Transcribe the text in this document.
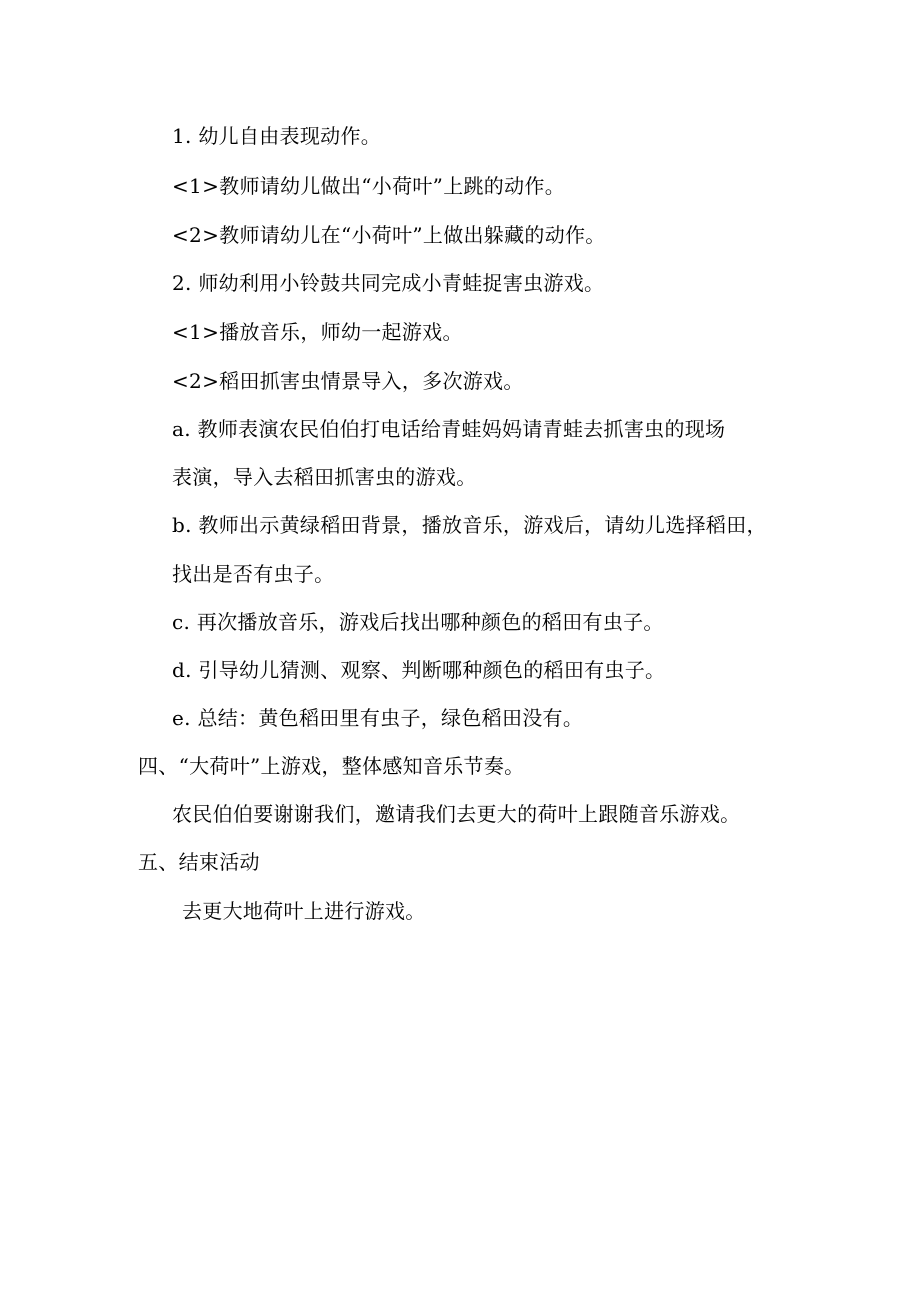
1. 幼儿自由表现动作。
<1>教师请幼儿做出“小荷叶”上跳的动作。
<2>教师请幼儿在“小荷叶”上做出躲藏的动作。
2. 师幼利用小铃鼓共同完成小青蛙捉害虫游戏。
<1>播放音乐，师幼一起游戏。
<2>稻田抓害虫情景导入，多次游戏。
a. 教师表演农民伯伯打电话给青蛙妈妈请青蛙去抓害虫的现场
表演，导入去稻田抓害虫的游戏。
b. 教师出示黄绿稻田背景，播放音乐，游戏后，请幼儿选择稻田，
找出是否有虫子。
c. 再次播放音乐，游戏后找出哪种颜色的稻田有虫子。
d. 引导幼儿猜测、观察、判断哪种颜色的稻田有虫子。
e. 总结：黄色稻田里有虫子，绿色稻田没有。
四、“大荷叶”上游戏，整体感知音乐节奏。
农民伯伯要谢谢我们，邀请我们去更大的荷叶上跟随音乐游戏。
五、结束活动
去更大地荷叶上进行游戏。
